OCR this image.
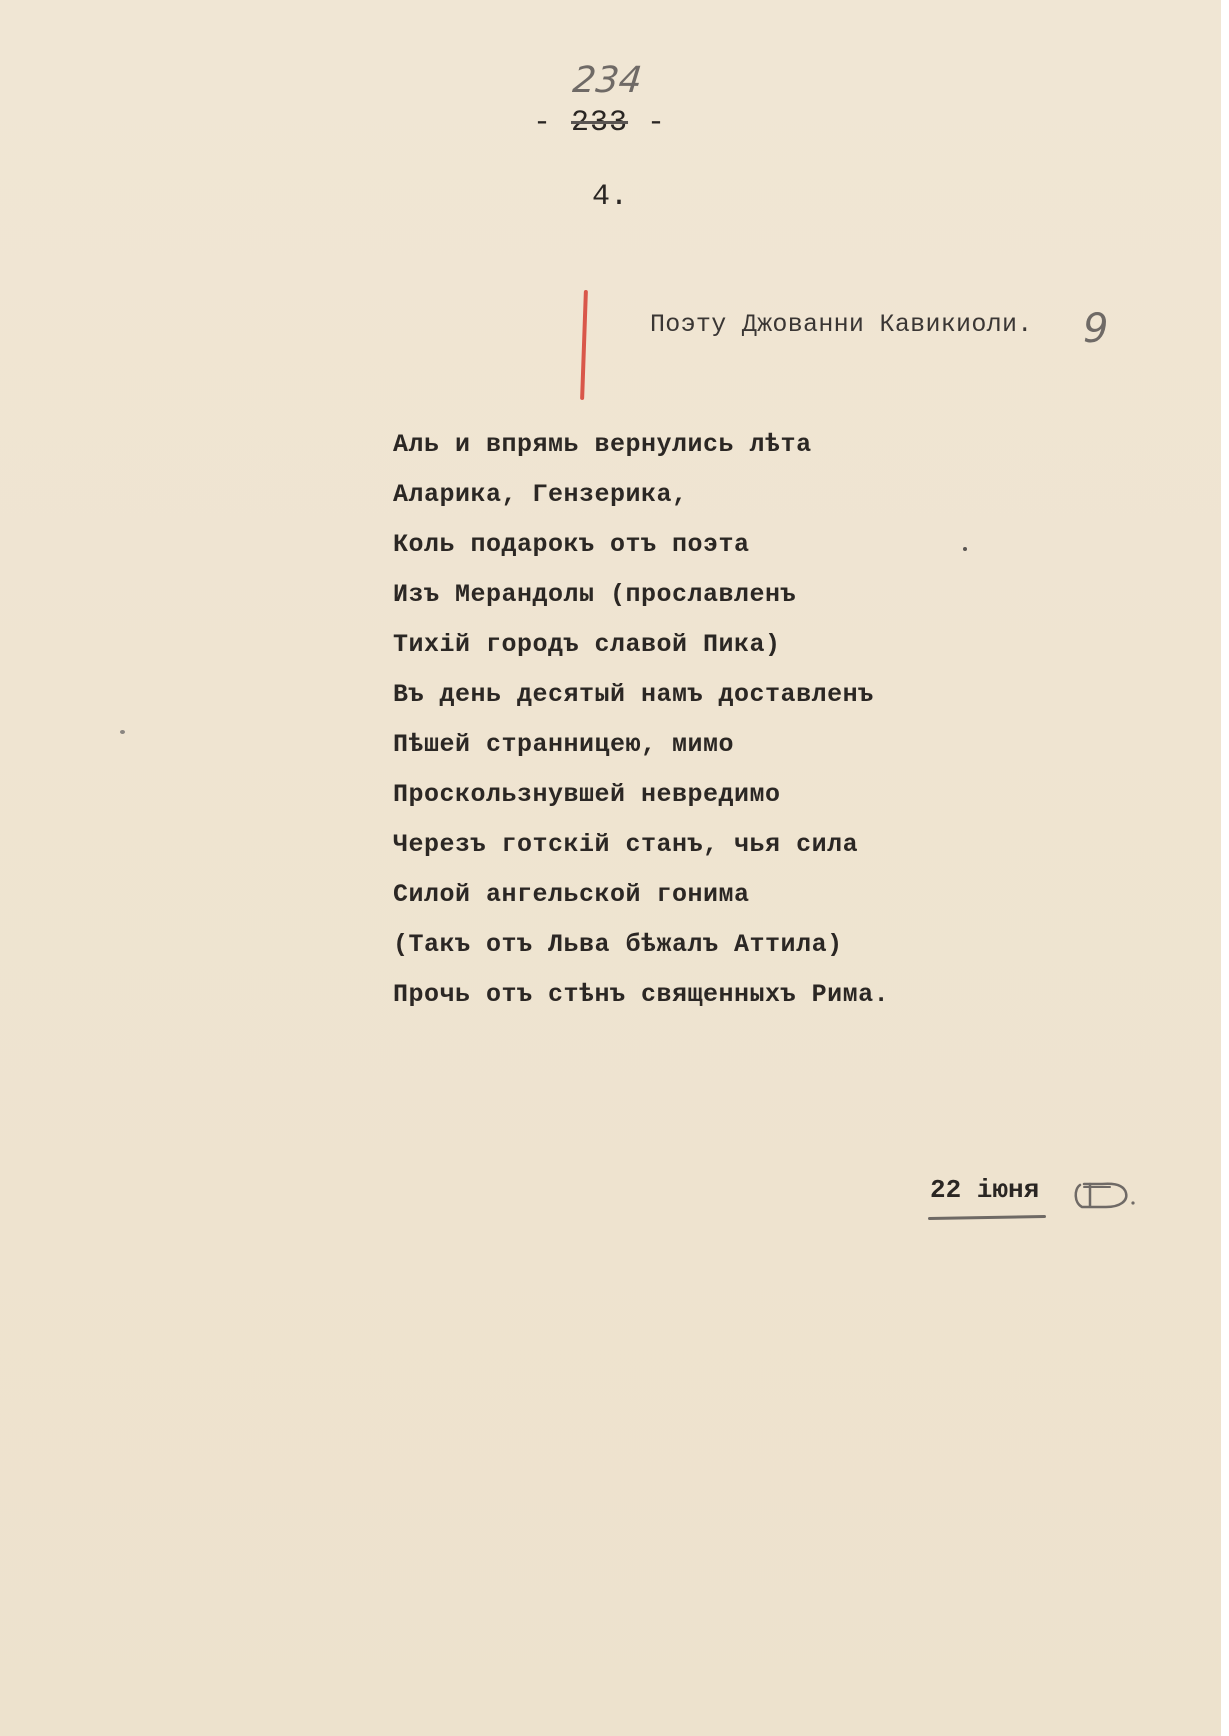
234
- 233 -
4.
Поэту Джованни Кавикиоли. 9
Аль и впрямь вернулись лѣта
Аларика, Гензерика,
Коль подарокъ отъ поэта
Изъ Мерандолы (прославленъ
Тихій городъ славой Пика)
Въ день десятый намъ доставленъ
Пѣшей странницею, мимо
Проскользнувшей невредимо
Черезъ готскій станъ, чья сила
Силой ангельской гонима
(Такъ отъ Льва бѣжалъ Аттила)
Прочь отъ стѣнъ священныхъ Рима.
22 іюня
